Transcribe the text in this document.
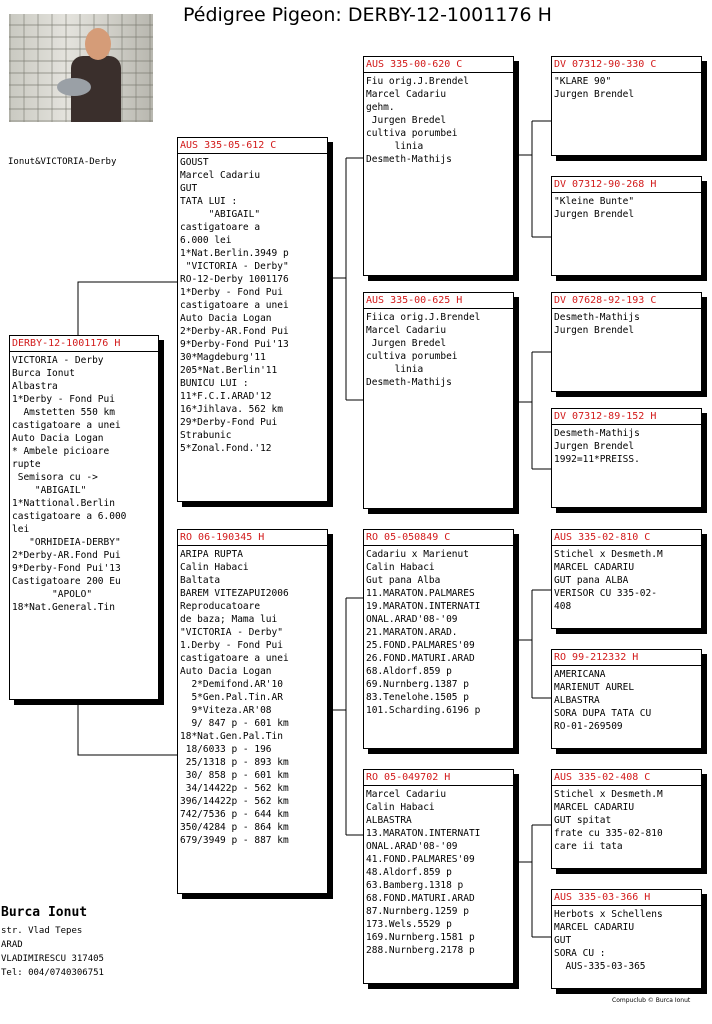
Pédigree Pigeon: DERBY-12-1001176 H
Ionut&VICTORIA-Derby
DERBY-12-1001176 H
VICTORIA - Derby
Burca Ionut
Albastra
1*Derby - Fond Pui
Amstetten 550 km
castigatoare a unei
Auto Dacia Logan
* Ambele picioare
rupte
Semisora cu ->
"ABIGAIL"
1*Nattional.Berlin
castigatoare a 6.000
lei
"ORHIDEIA-DERBY"
2*Derby-AR.Fond Pui
9*Derby-Fond Pui'13
Castigatoare 200 Eu
"APOLO"
18*Nat.General.Tin
AUS 335-05-612 C
GOUST
Marcel Cadariu
GUT
TATA LUI :
"ABIGAIL"
castigatoare a
6.000 lei
1*Nat.Berlin.3949 p
"VICTORIA - Derby"
RO-12-Derby 1001176
1*Derby - Fond Pui
castigatoare a unei
Auto Dacia Logan
2*Derby-AR.Fond Pui
9*Derby-Fond Pui'13
30*Magdeburg'11
205*Nat.Berlin'11
BUNICU LUI :
11*F.C.I.ARAD'12
16*Jihlava. 562 km
29*Derby-Fond Pui
Strabunic
5*Zonal.Fond.'12
RO 06-190345 H
ARIPA RUPTA
Calin Habaci
Baltata
BAREM VITEZAPUI2006
Reproducatoare
de baza; Mama lui
"VICTORIA - Derby"
1.Derby - Fond Pui
castigatoare a unei
Auto Dacia Logan
2*Demifond.AR'10
5*Gen.Pal.Tin.AR
9*Viteza.AR'08
9/ 847 p - 601 km
18*Nat.Gen.Pal.Tin
18/6033 p - 196
25/1318 p - 893 km
30/ 858 p - 601 km
34/14422p - 562 km
396/14422p - 562 km
742/7536 p - 644 km
350/4284 p - 864 km
679/3949 p - 887 km
AUS 335-00-620 C
Fiu orig.J.Brendel
Marcel Cadariu
gehm.
Jurgen Bredel
cultiva porumbei
linia
Desmeth-Mathijs
AUS 335-00-625 H
Fiica orig.J.Brendel
Marcel Cadariu
Jurgen Bredel
cultiva porumbei
linia
Desmeth-Mathijs
RO 05-050849 C
Cadariu x Marienut
Calin Habaci
Gut pana Alba
11.MARATON.PALMARES
19.MARATON.INTERNATI
ONAL.ARAD'08-'09
21.MARATON.ARAD.
25.FOND.PALMARES'09
26.FOND.MATURI.ARAD
68.Aldorf.859 p
69.Nurnberg.1387 p
83.Tenelohe.1505 p
101.Scharding.6196 p
RO 05-049702 H
Marcel Cadariu
Calin Habaci
ALBASTRA
13.MARATON.INTERNATI
ONAL.ARAD'08-'09
41.FOND.PALMARES'09
48.Aldorf.859 p
63.Bamberg.1318 p
68.FOND.MATURI.ARAD
87.Nurnberg.1259 p
173.Wels.5529 p
169.Nurnberg.1581 p
288.Nurnberg.2178 p
DV 07312-90-330 C
"KLARE 90"
Jurgen Brendel
DV 07312-90-268 H
"Kleine Bunte"
Jurgen Brendel
DV 07628-92-193 C
Desmeth-Mathijs
Jurgen Brendel
DV 07312-89-152 H
Desmeth-Mathijs
Jurgen Brendel
1992=11*PREISS.
AUS 335-02-810 C
Stichel x Desmeth.M
MARCEL CADARIU
GUT pana ALBA
VERISOR CU 335-02-
408
RO 99-212332 H
AMERICANA
MARIENUT AUREL
ALBASTRA
SORA DUPA TATA CU
RO-01-269509
AUS 335-02-408 C
Stichel x Desmeth.M
MARCEL CADARIU
GUT spitat
frate cu 335-02-810
care ii tata
AUS 335-03-366 H
Herbots x Schellens
MARCEL CADARIU
GUT
SORA CU :
AUS-335-03-365
Burca Ionut
str. Vlad Tepes
ARAD
VLADIMIRESCU 317405
Tel: 004/0740306751
Compuclub © Burca Ionut
